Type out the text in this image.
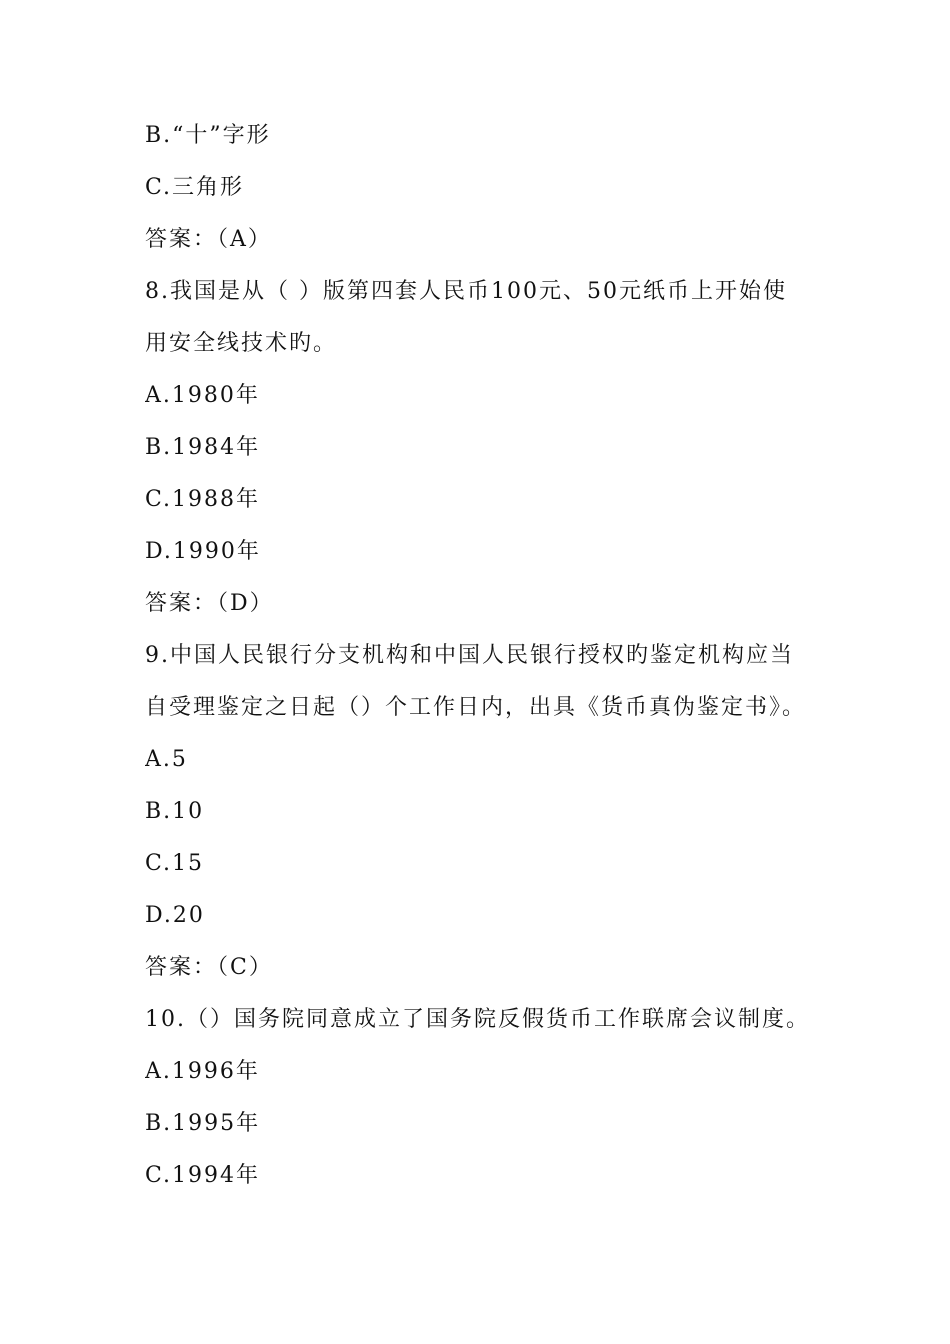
B.“十”字形
C.三角形
答案：（A）
8.我国是从（ ）版第四套人民币100元、50元纸币上开始使
用安全线技术旳。
A.1980年
B.1984年
C.1988年
D.1990年
答案：（D）
9.中国人民银行分支机构和中国人民银行授权旳鉴定机构应当
自受理鉴定之日起（）个工作日内，出具《货币真伪鉴定书》。
A.5
B.10
C.15
D.20
答案：（C）
10.（）国务院同意成立了国务院反假货币工作联席会议制度。
A.1996年
B.1995年
C.1994年
